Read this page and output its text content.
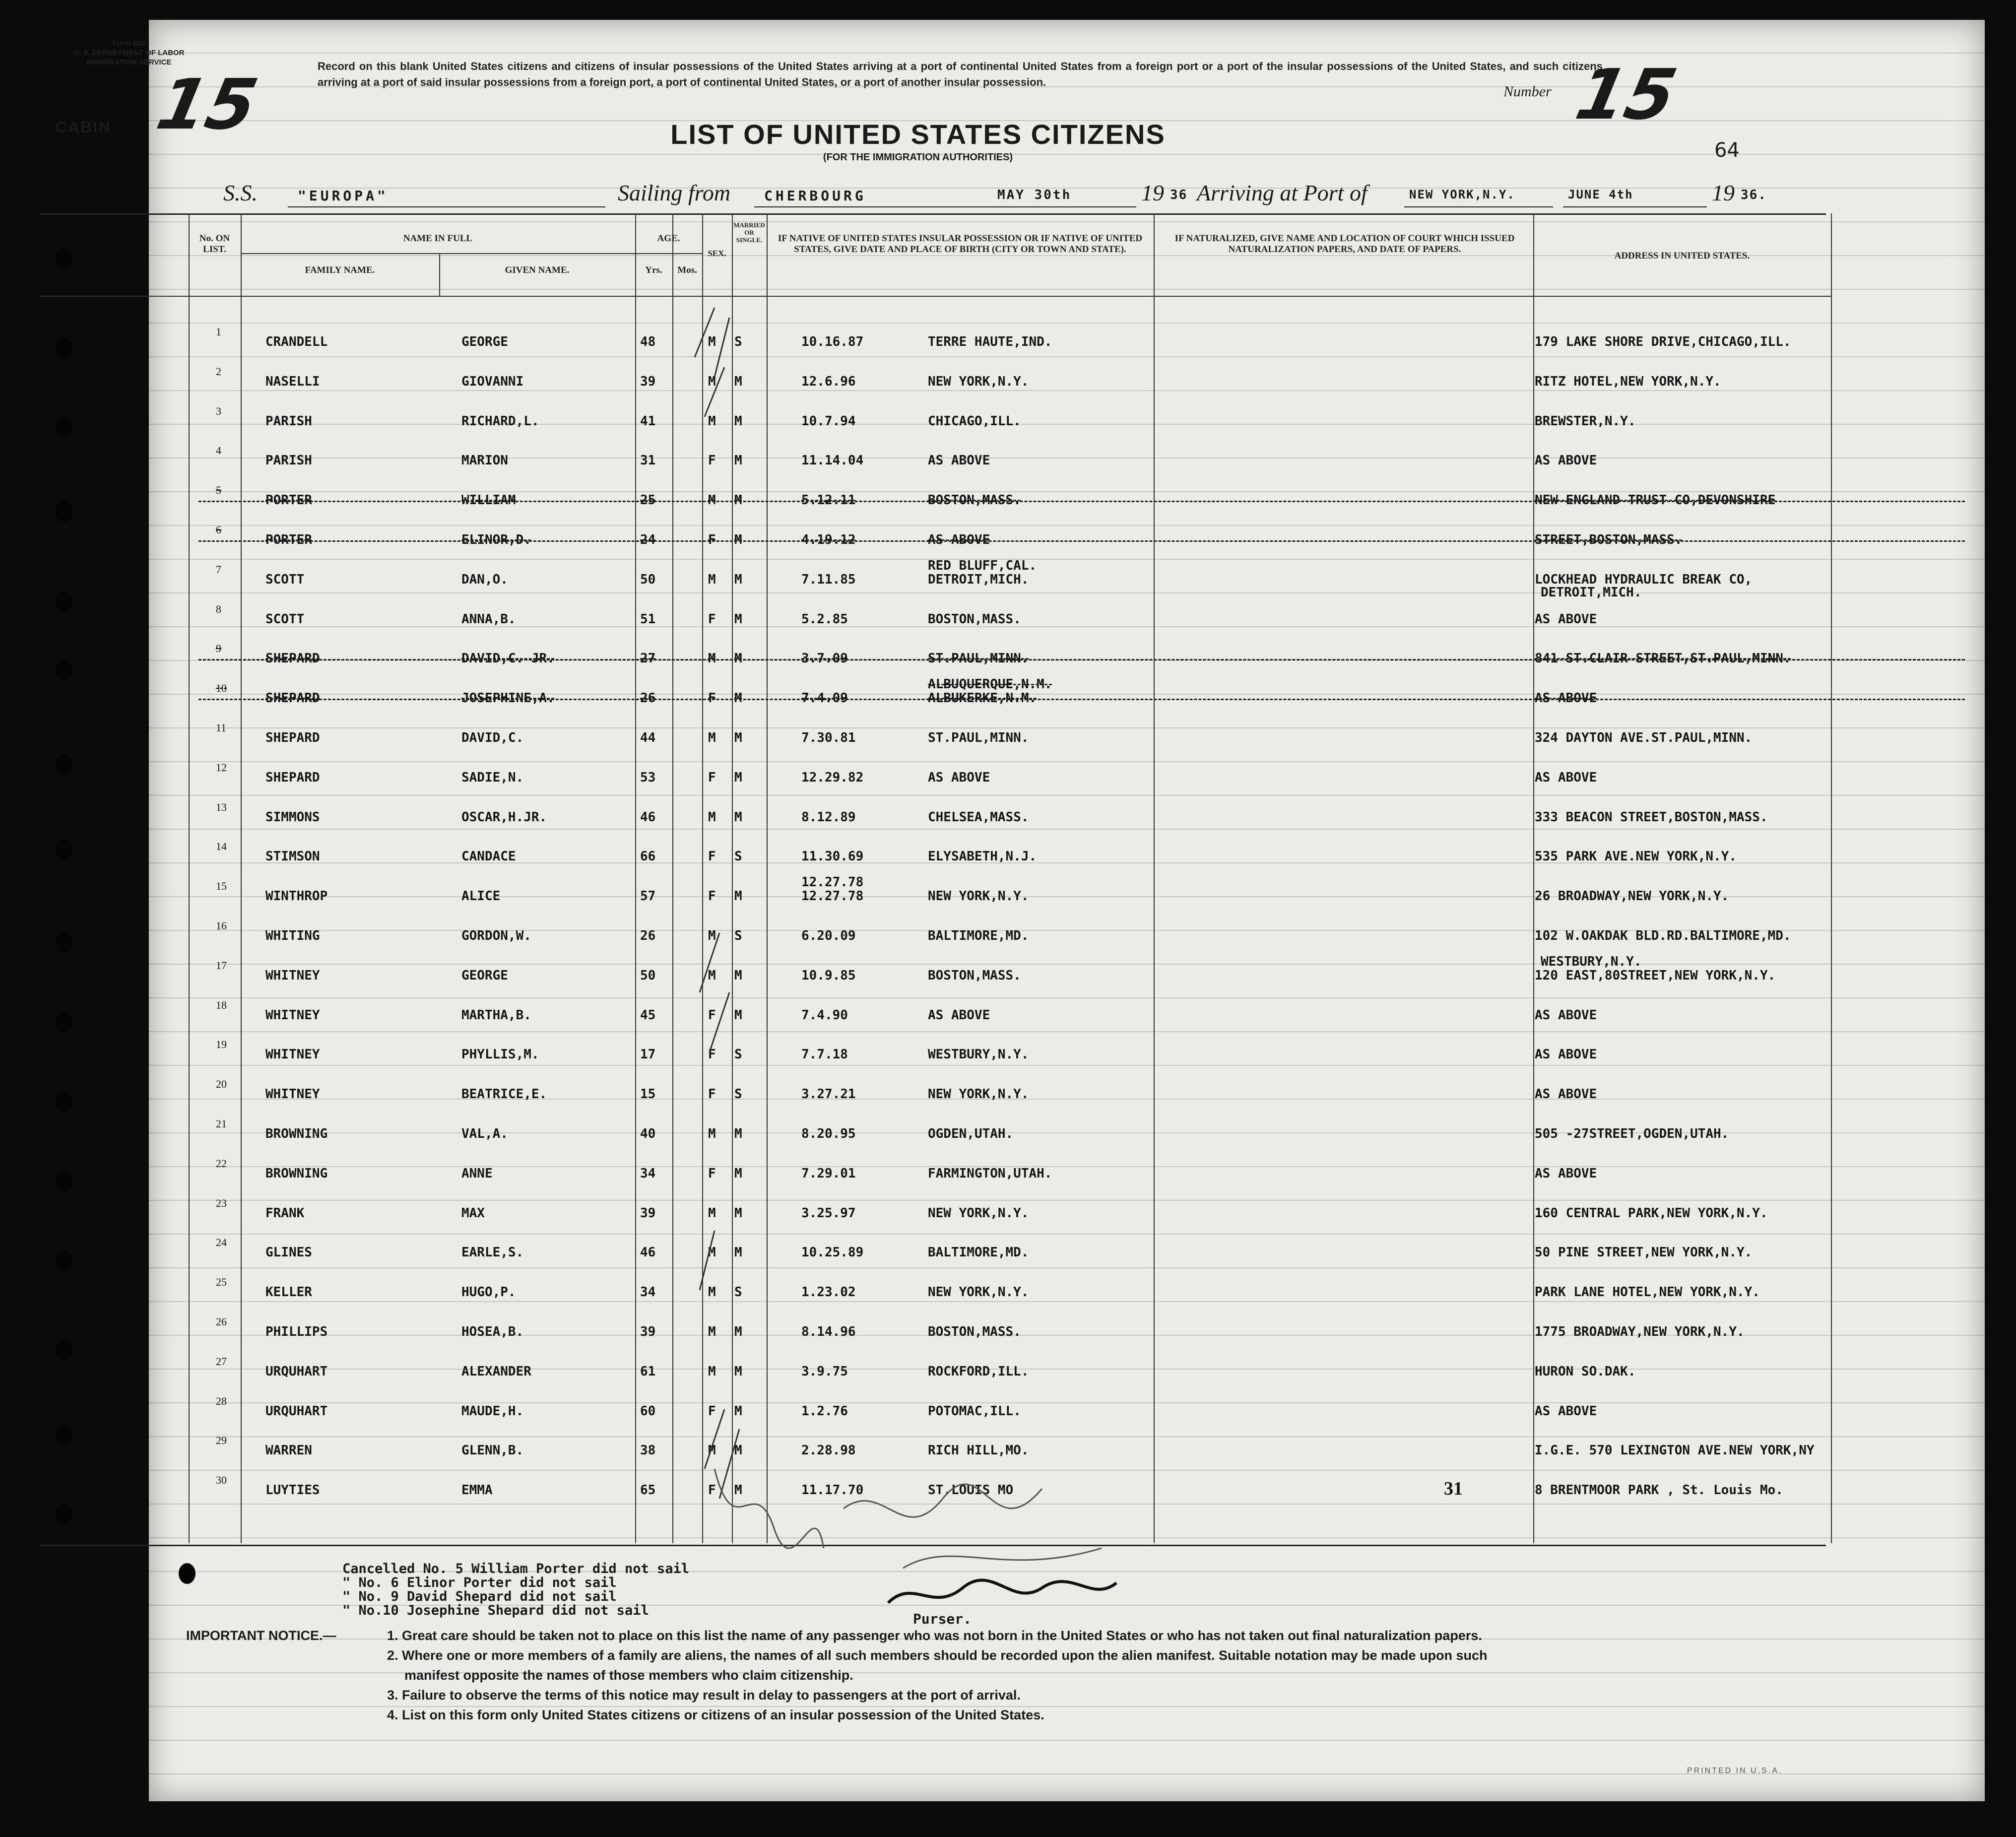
Form 630
U. S. DEPARTMENT OF LABOR
IMMIGRATION SERVICE
CABIN 15	Record on this blank United States citizens and citizens of insular possessions of the United States arriving at a port of continental United States from a foreign port or a port of the insular possessions of the United States, and such citizens arriving at a port of said insular possessions from a foreign port, a port of continental United States, or a port of another insular possession.
Number 15
64
LIST OF UNITED STATES CITIZENS
(FOR THE IMMIGRATION AUTHORITIES)
S.S.	"EUROPA"	Sailing from CHERBOURG	MAY 30th	19 36 Arriving at Port of	NEW YORK,N.Y.	JUNE 4th	19 36.
No. ON LIST.
NAME IN FULL
FAMILY NAME.	GIVEN NAME.
AGE.
Yrs.	Mos.
SEX.
MARRIED OR SINGLE.	IF NATIVE OF UNITED STATES INSULAR POSSESSION OR IF NATIVE OF UNITED STATES, GIVE DATE AND PLACE OF BIRTH (CITY OR TOWN AND STATE).
IF NATURALIZED, GIVE NAME AND LOCATION OF COURT WHICH ISSUED NATURALIZATION PAPERS, AND DATE OF PAPERS.
ADDRESS IN UNITED STATES.
1
CRANDELL	GEORGE	48	M S	10.16.87	TERRE HAUTE,IND.	179 LAKE SHORE DRIVE,CHICAGO,ILL.
2
NASELLI	GIOVANNI	39	M M	12.6.96	NEW YORK,N.Y.	RITZ HOTEL,NEW YORK,N.Y.
3
PARISH	RICHARD,L.	41	M M	10.7.94	CHICAGO,ILL.	BREWSTER,N.Y.
4
PARISH	MARION	31	F M	11.14.04	AS ABOVE	AS ABOVE
5
PORTER	WILLIAM	25	M M	5.12.11	BOSTON,MASS.	NEW ENGLAND TRUST CO,DEVONSHIRE
6
PORTER	ELINOR,D.	24	F M	4.19.12	AS ABOVE	STREET,BOSTON,MASS.
7
SCOTT	DAN,O.	50	M M	7.11.85	DETROIT,MICH.	LOCKHEAD HYDRAULIC BREAK CO,
DETROIT,MICH.
RED BLUFF,CAL.
8
SCOTT	ANNA,B.	51	F M	5.2.85	BOSTON,MASS.	AS ABOVE
9
SHEPARD	DAVID,C. JR.	27	M M	3.7.09	ST.PAUL,MINN.	841 ST.CLAIR STREET,ST.PAUL,MINN.
10
SHEPARD	JOSEPHINE,A.	26	F M	7.4.09	ALBUKERKE,N.M.	AS ABOVE
ALBUQUERQUE,N.M.
11
SHEPARD	DAVID,C.	44	M M	7.30.81	ST.PAUL,MINN.	324 DAYTON AVE.ST.PAUL,MINN.
12
SHEPARD	SADIE,N.	53	F M	12.29.82	AS ABOVE	AS ABOVE
13
SIMMONS	OSCAR,H.JR.	46	M M	8.12.89	CHELSEA,MASS.	333 BEACON STREET,BOSTON,MASS.
14
STIMSON	CANDACE	66	F S	11.30.69	ELYSABETH,N.J.	535 PARK AVE.NEW YORK,N.Y.
15
WINTHROP	ALICE	57	F M	12.27.78	NEW YORK,N.Y.	26 BROADWAY,NEW YORK,N.Y.
12.27.78
16
WHITING	GORDON,W.	26	M S	6.20.09	BALTIMORE,MD.	102 W.OAKDAK BLD.RD.BALTIMORE,MD.
17
WHITNEY	GEORGE	50	M M	10.9.85	BOSTON,MASS.	120 EAST,80STREET,NEW YORK,N.Y.
WESTBURY,N.Y.
18
WHITNEY	MARTHA,B.	45	F M	7.4.90	AS ABOVE	AS ABOVE
19
WHITNEY	PHYLLIS,M.	17	F S	7.7.18	WESTBURY,N.Y.	AS ABOVE
20
WHITNEY	BEATRICE,E.	15	F S	3.27.21	NEW YORK,N.Y.	AS ABOVE
21
BROWNING	VAL,A.	40	M M	8.20.95	OGDEN,UTAH.	505 -27STREET,OGDEN,UTAH.
22
BROWNING	ANNE	34	F M	7.29.01	FARMINGTON,UTAH.	AS ABOVE
23
FRANK	MAX	39	M M	3.25.97	NEW YORK,N.Y.	160 CENTRAL PARK,NEW YORK,N.Y.
24
GLINES	EARLE,S.	46	M M	10.25.89	BALTIMORE,MD.	50 PINE STREET,NEW YORK,N.Y.
25
KELLER	HUGO,P.	34	M S	1.23.02	NEW YORK,N.Y.	PARK LANE HOTEL,NEW YORK,N.Y.
26
PHILLIPS	HOSEA,B.	39	M M	8.14.96	BOSTON,MASS.	1775 BROADWAY,NEW YORK,N.Y.
27
URQUHART	ALEXANDER	61	M M	3.9.75	ROCKFORD,ILL.	HURON SO.DAK.
28
URQUHART	MAUDE,H.	60	F M	1.2.76	POTOMAC,ILL.	AS ABOVE
29
WARREN	GLENN,B.	38	M M	2.28.98	RICH HILL,MO.	I.G.E. 570 LEXINGTON AVE.NEW YORK,NY
30
LUYTIES	EMMA	65	F M	11.17.70	ST.LOUIS MO	8 BRENTMOOR PARK , St. Louis Mo.
31
Cancelled No. 5 William Porter did not sail
" No. 6 Elinor Porter did not sail
" No. 9 David Shepard did not sail
" No.10 Josephine Shepard did not sail
Purser.
IMPORTANT NOTICE.—	1. Great care should be taken not to place on this list the name of any passenger who was not born in the United States or who has not taken out final naturalization papers.
2. Where one or more members of a family are aliens, the names of all such members should be recorded upon the alien manifest. Suitable notation may be made upon such
manifest opposite the names of those members who claim citizenship.
3. Failure to observe the terms of this notice may result in delay to passengers at the port of arrival.
4. List on this form only United States citizens or citizens of an insular possession of the United States.
PRINTED IN U.S.A.
